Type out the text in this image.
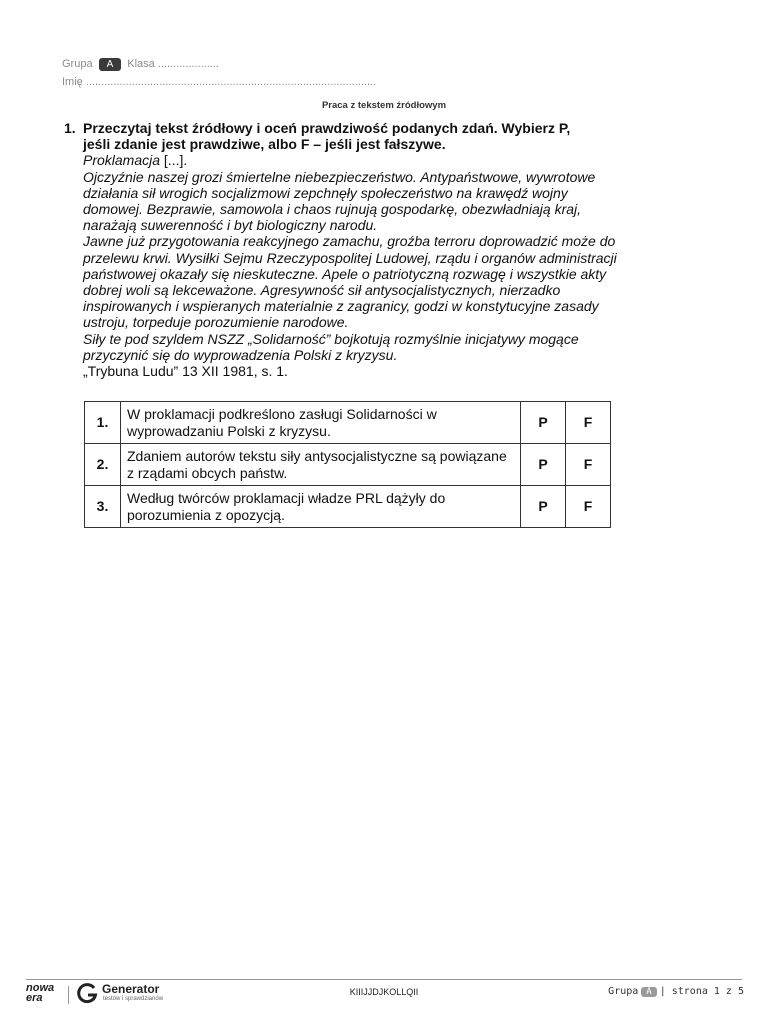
Grupa A Klasa ....................
Imię ...............................................................................................
Praca z tekstem źródłowym
1. Przeczytaj tekst źródłowy i oceń prawdziwość podanych zdań. Wybierz P,
jeśli zdanie jest prawdziwe, albo F – jeśli jest fałszywe.

Proklamacja [...].

Ojczyźnie naszej grozi śmiertelne niebezpieczeństwo. Antypaństwowe, wywrotowe działania sił wrogich socjalizmowi zepchnęły społeczeństwo na krawędź wojny domowej. Bezprawie, samowola i chaos rujnują gospodarkę, obezwładniają kraj, narażają suwerenność i byt biologiczny narodu.

Jawne już przygotowania reakcyjnego zamachu, groźba terroru doprowadzić może do przelewu krwi. Wysiłki Sejmu Rzeczypospolitej Ludowej, rządu i organów administracji państwowej okazały się nieskuteczne. Apele o patriotyczną rozwagę i wszystkie akty dobrej woli są lekceważone. Agresywność sił antysocjalistycznych, nierzadko inspirowanych i wspieranych materialnie z zagranicy, godzi w konstytucyjne zasady ustroju, torpeduje porozumienie narodowe.

Siły te pod szyldem NSZZ „Solidarność” bojkotują rozmyślnie inicjatywy mogące przyczynić się do wyprowadzenia Polski z kryzysu.

„Trybuna Ludu” 13 XII 1981, s. 1.

1.	W proklamacji podkreślono zasługi Solidarności w wyprowadzaniu Polski z kryzysu.	P	F
2.	Zdaniem autorów tekstu siły antysocjalistyczne są powiązane z rządami obcych państw.	P	F
3.	Według twórców proklamacji władze PRL dążyły do porozumienia z opozycją.	P	F
nowa
era
Generator
testów i sprawdzianów
KIIIJJDJKOLLQII	Grupa A | strona 1 z 5
